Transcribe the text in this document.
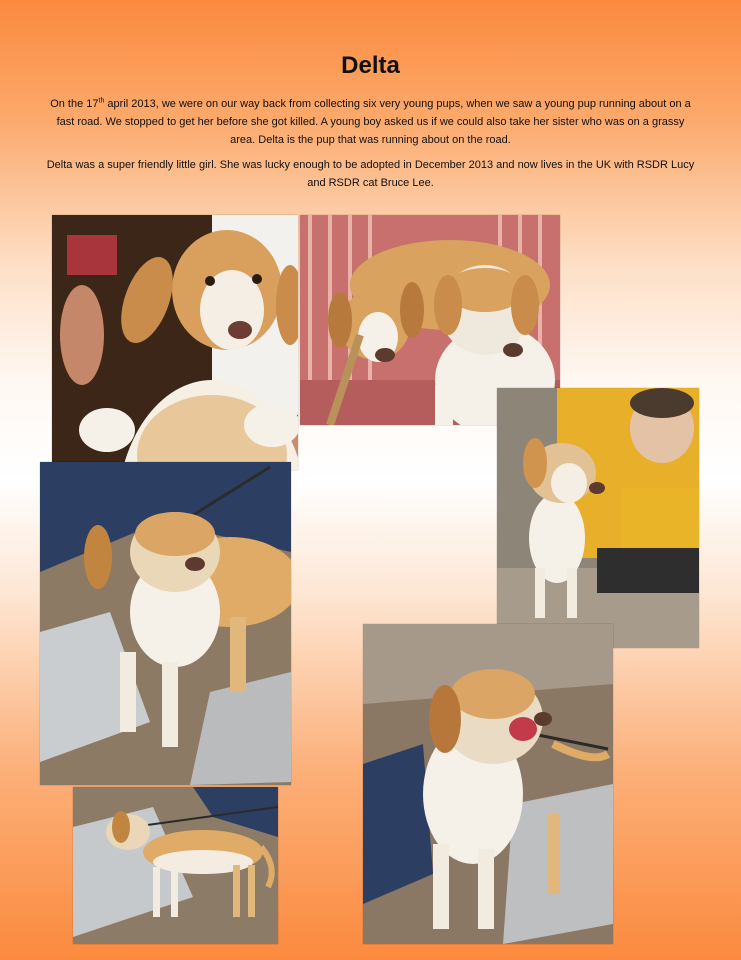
Delta

On the 17th april 2013, we were on our way back from collecting six very young pups, when we saw a young pup running about on a fast road. We stopped to get her before she got killed. A young boy asked us if we could also take her sister who was on a grassy area. Delta is the pup that was running about on the road.

Delta was a super friendly little girl. She was lucky enough to be adopted in December 2013 and now lives in the UK with RSDR Lucy and RSDR cat Bruce Lee.
